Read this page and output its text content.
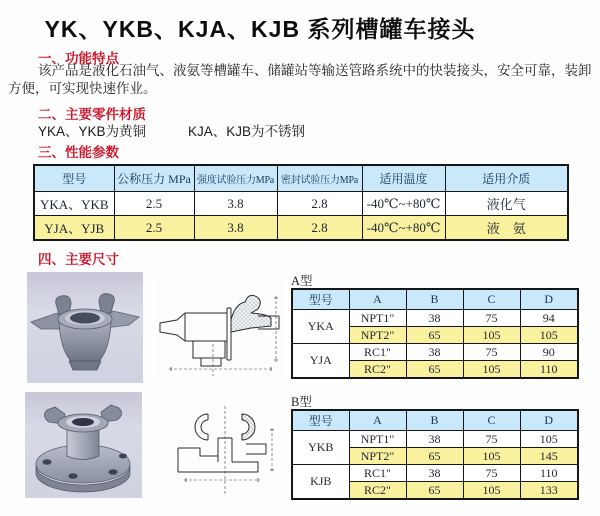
YK、YKB、KJA、KJB 系列槽罐车接头
一、功能特点

该产品是液化石油气、液氨等槽罐车、储罐站等输送管路系统中的快装接头，安全可靠，装卸方便，可实现快速作业。

二、主要零件材质
YKA、YKB为黄铜	KJA、KJB为不锈钢
三、性能参数
型号	公称压力 MPa	强度试验压力MPa	密封试验压力MPa	适用温度	适用介质
YKA、YKB	2.5	3.8	2.8	-40℃~+80℃	液化气
YJA、YJB	2.5	3.8	2.8	-40℃~+80℃	液　氨
四、主要尺寸
A型
型号	A	B	C	D
YKA	NPT1"	38	75	94
	NPT2"	65	105	105
YJA	RC1"	38	75	90
	RC2"	65	105	110
B型
型号	A	B	C	D
YKB	NPT1"	38	75	105
	NPT2"	65	105	145
KJB	RC1"	38	75	110
	RC2"	65	105	133
